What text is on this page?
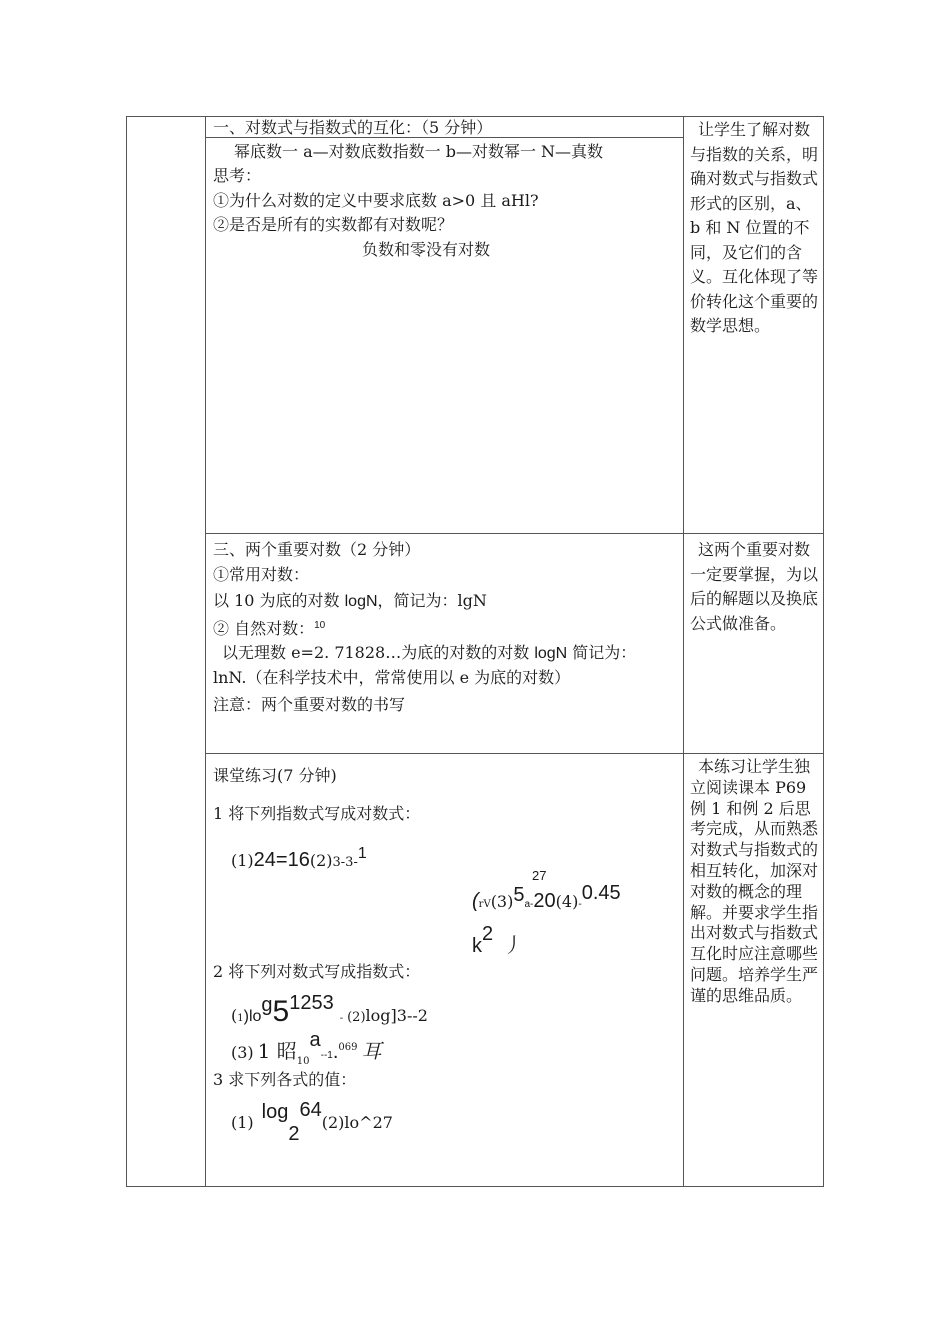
一、对数式与指数式的互化：（5 分钟）
幂底数一 a—对数底数指数一 b—对数幂一 N—真数
思考：
①为什么对数的定义中要求底数 a>0 且 aHl?
②是否是所有的实数都有对数呢？
负数和零没有对数
让学生了解对数与指数的关系，明确对数式与指数式形式的区别，a、b 和 N 位置的不同，及它们的含义。互化体现了等价转化这个重要的数学思想。
三、两个重要对数（2 分钟）
①常用对数：
以 10 为底的对数 logN，简记为：lgN
② 自然对数：$^{10}$
以无理数 e=2. 71828…为底的对数的对数 logN 简记为：
lnN.（在科学技术中，常常使用以 e 为底的对数）
注意：两个重要对数的书写
这两个重要对数一定要掌握，为以后的解题以及换底公式做准备。
课堂练习(7 分钟)
1 将下列指数式写成对数式：
(1)24=16(2)3-3-1
27
(rV(3)5a-20(4)-0.45
k2 丿
2 将下列对数式写成指数式：
(1)log51253- (2)log]3--2
(3) 1 昭$_{10}$a--1.$^{069}$ 耳
3 求下列各式的值：
(1) log264(2)lo^27
本练习让学生独立阅读课本 P69 例 1 和例 2 后思考完成，从而熟悉对数式与指数式的相互转化，加深对对数的概念的理解。并要求学生指出对数式与指数式互化时应注意哪些问题。培养学生严谨的思维品质。
